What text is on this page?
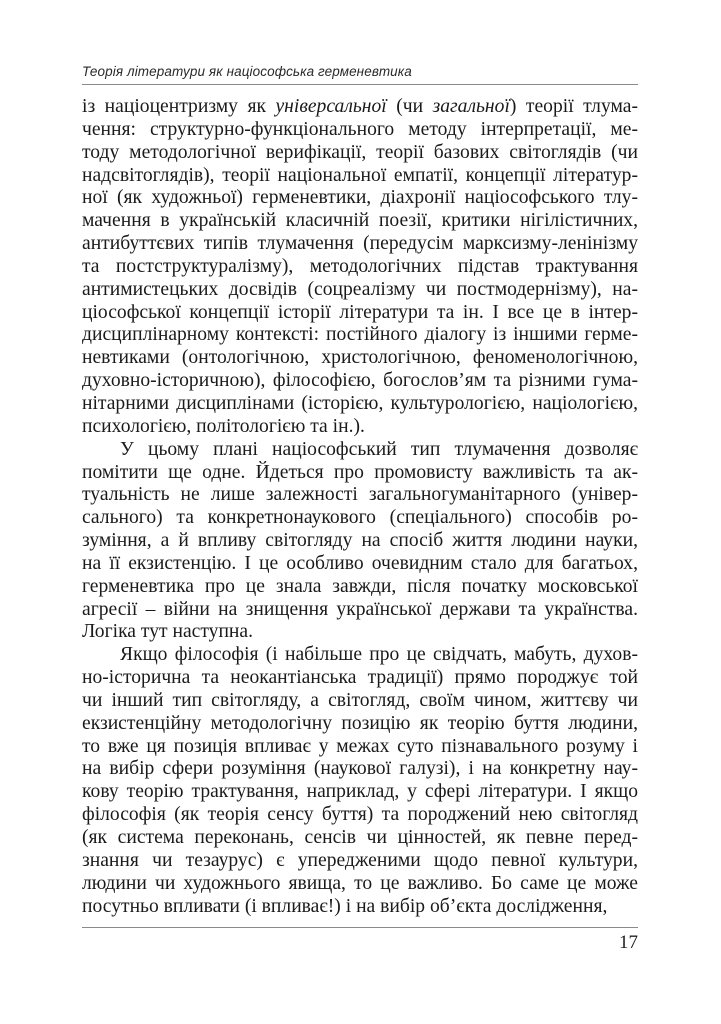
Теорія літератури як націософська герменевтика
із націоцентризму як універсальної (чи загальної) теорії тлума-
чення: структурно-функціонального методу інтерпретації, ме-
тоду методологічної верифікації, теорії базових світоглядів (чи
надсвітоглядів), теорії національної емпатії, концепції літератур-
ної (як художньої) герменевтики, діахронії націософського тлу-
мачення в українській класичній поезії, критики нігілістичних,
антибуттєвих типів тлумачення (передусім марксизму-ленінізму
та постструктуралізму), методологічних підстав трактування
антимистецьких досвідів (соцреалізму чи постмодернізму), на-
ціософської концепції історії літератури та ін. І все це в інтер-
дисциплінарному контексті: постійного діалогу із іншими герме-
невтиками (онтологічною, христологічною, феноменологічною,
духовно-історичною), філософією, богослов’ям та різними гума-
нітарними дисциплінами (історією, культурологією, націологією,
психологією, політологією та ін.).
У цьому плані націософський тип тлумачення дозволяє
помітити ще одне. Йдеться про промовисту важливість та ак-
туальність не лише залежності загальногуманітарного (універ-
сального) та конкретнонаукового (спеціального) способів ро-
зуміння, а й впливу світогляду на спосіб життя людини науки,
на її екзистенцію. І це особливо очевидним стало для багатьох,
герменевтика про це знала завжди, після початку московської
агресії – війни на знищення української держави та українства.
Логіка тут наступна.
Якщо філософія (і набільше про це свідчать, мабуть, духов-
но-історична та неокантіанська традиції) прямо породжує той
чи інший тип світогляду, а світогляд, своїм чином, життєву чи
екзистенційну методологічну позицію як теорію буття людини,
то вже ця позиція впливає у межах суто пізнавального розуму і
на вибір сфери розуміння (наукової галузі), і на конкретну нау-
кову теорію трактування, наприклад, у сфері літератури. І якщо
філософія (як теорія сенсу буття) та породжений нею світогляд
(як система переконань, сенсів чи цінностей, як певне перед-
знання чи тезаурус) є упередженими щодо певної культури,
людини чи художнього явища, то це важливо. Бо саме це може
посутньо впливати (і впливає!) і на вибір об’єкта дослідження,
17
